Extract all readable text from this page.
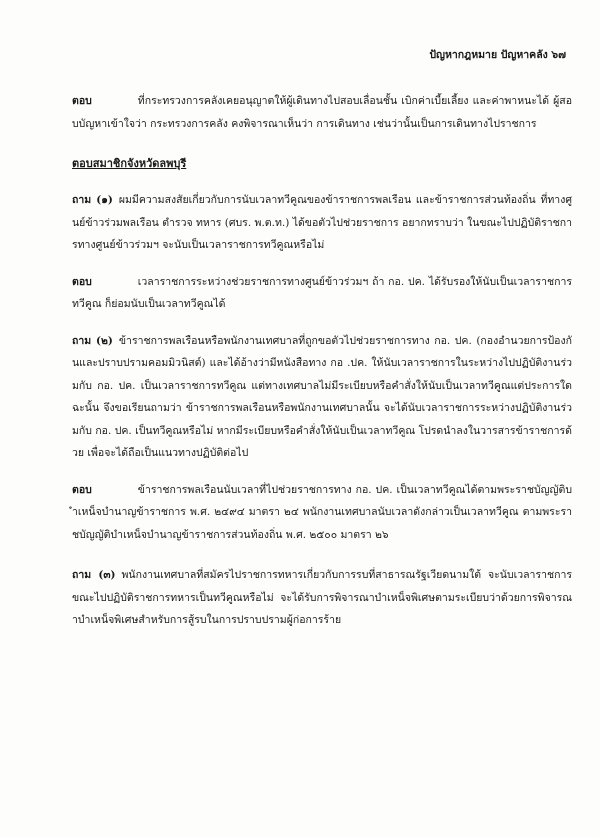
ปัญหากฎหมาย ปัญหาคลัง ๖๗

ตอบ	ที่กระทรวงการคลังเคยอนุญาตให้ผู้เดินทางไปสอบเลื่อนชั้น เบิกค่าเบี้ยเลี้ยง และค่าพาหนะได้ ผู้สอบบัญหาเข้าใจว่า กระทรวงการคลัง คงพิจารณาเห็นว่า การเดินทาง เช่นว่านั้นเป็นการเดินทางไปราชการ

ตอบสมาชิกจังหวัดลพบุรี

ถาม (๑) ผมมีความสงสัยเกี่ยวกับการนับเวลาทวีคูณของข้าราชการพลเรือน และข้าราชการส่วนท้องถิ่น ที่ทางศูนย์ข้าวร่วมพลเรือน ตำรวจ ทหาร (ศบร. พ.ต.ท.) ได้ขอตัวไปช่วยราชการ อยากทราบว่า ในขณะไปปฏิบัติราชการทางศูนย์ข้าวร่วมฯ จะนับเป็นเวลาราชการทวีคูณหรือไม่

ตอบ	เวลาราชการระหว่างช่วยราชการทางศูนย์ข้าวร่วมฯ ถ้า กอ. ปค. ได้รับรองให้นับเป็นเวลาราชการทวีคูณ ก็ย่อมนับเป็นเวลาทวีคูณได้

ถาม (๒) ข้าราชการพลเรือนหรือพนักงานเทศบาลที่ถูกขอตัวไปช่วยราชการทาง กอ. ปค. (กองอำนวยการป้องกันและปราบปรามคอมมิวนิสต์) และได้อ้างว่ามีหนังสือทาง กอ .ปค. ให้นับเวลาราชการในระหว่างไปปฏิบัติงานร่วมกับ กอ. ปค. เป็นเวลาราชการทวีคูณ แต่ทางเทศบาลไม่มีระเบียบหรือคำสั่งให้นับเป็นเวลาทวีคูณแต่ประการใด ฉะนั้น จึงขอเรียนถามว่า ข้าราชการพลเรือนหรือพนักงานเทศบาลนั้น จะได้นับเวลาราชการระหว่างปฏิบัติงานร่วมกับ กอ. ปค. เป็นทวีคูณหรือไม่ หากมีระเบียบหรือคำสั่งให้นับเป็นเวลาทวีคูณ โปรดนำลงในวารสารข้าราชการด้วย เพื่อจะได้ถือเป็นแนวทางปฏิบัติต่อไป

ตอบ	ข้าราชการพลเรือนนับเวลาที่ไปช่วยราชการทาง กอ. ปค. เป็นเวลาทวีคูณได้ตามพระราชบัญญัติบำเหน็จบำนาญข้าราชการ พ.ศ. ๒๔๙๔ มาตรา ๒๔ พนักงานเทศบาลนับเวลาดังกล่าวเป็นเวลาทวีคูณ ตามพระราชบัญญัติบำเหน็จบำนาญข้าราชการส่วนท้องถิ่น พ.ศ. ๒๕๐๐ มาตรา ๒๖

ถาม (๓) พนักงานเทศบาลที่สมัครไปราชการทหารเกี่ยวกับการรบที่สาธารณรัฐเวียดนามใต้ จะนับเวลาราชการขณะไปปฏิบัติราชการทหารเป็นทวีคูณหรือไม่ จะได้รับการพิจารณาบำเหน็จพิเศษตามระเบียบว่าด้วยการพิจารณาบำเหน็จพิเศษสำหรับการสู้รบในการปราบปรามผู้ก่อการร้าย
